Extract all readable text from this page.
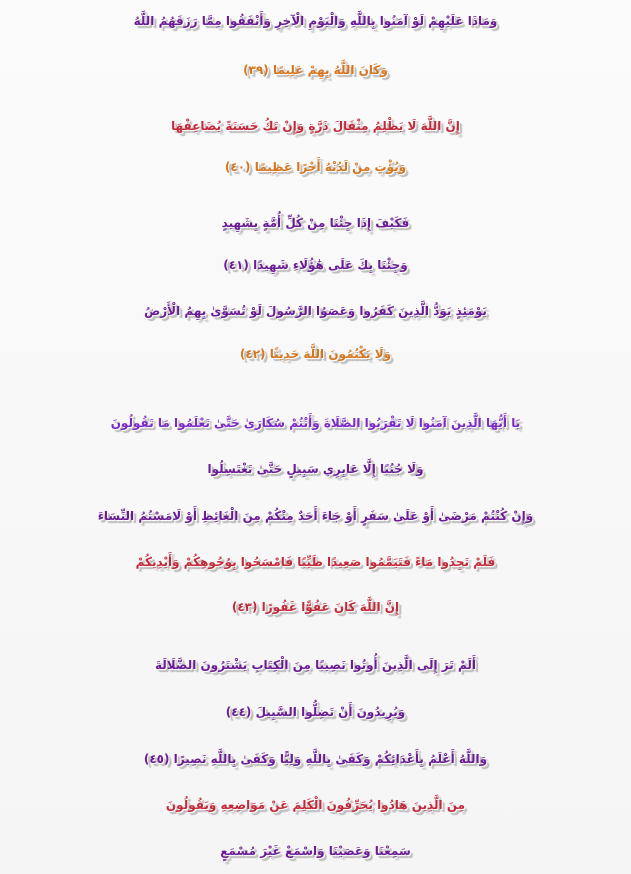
وَمَاذَا عَلَيْهِمْ لَوْ آمَنُوا بِاللَّهِ وَالْيَوْمِ الْآخِرِ وَأَنْفَقُوا مِمَّا رَزَقَهُمُ اللَّهُ
وَكَانَ اللَّهُ بِهِمْ عَلِيمًا (٣٩)
إِنَّ اللَّهَ لَا يَظْلِمُ مِثْقَالَ ذَرَّةٍ وَإِنْ تَكُ حَسَنَةً يُضَاعِفْهَا
وَيُؤْتِ مِنْ لَدُنْهُ أَجْرًا عَظِيمًا (٤٠)
فَكَيْفَ إِذَا جِئْنَا مِنْ كُلِّ أُمَّةٍ بِشَهِيدٍ
وَجِئْنَا بِكَ عَلَى هَٰؤُلَاءِ شَهِيدًا (٤١)
يَوْمَئِذٍ يَوَدُّ الَّذِينَ كَفَرُوا وَعَصَوُا الرَّسُولَ لَوْ تُسَوَّىٰ بِهِمُ الْأَرْضُ
وَلَا يَكْتُمُونَ اللَّهَ حَدِيثًا (٤٢)
يَا أَيُّهَا الَّذِينَ آمَنُوا لَا تَقْرَبُوا الصَّلَاةَ وَأَنْتُمْ سُكَارَىٰ حَتَّىٰ تَعْلَمُوا مَا تَقُولُونَ
وَلَا جُنُبًا إِلَّا عَابِرِي سَبِيلٍ حَتَّىٰ تَغْتَسِلُوا
وَإِنْ كُنْتُمْ مَرْضَىٰ أَوْ عَلَىٰ سَفَرٍ أَوْ جَاءَ أَحَدٌ مِنْكُمْ مِنَ الْغَائِطِ أَوْ لَامَسْتُمُ النِّسَاءَ
فَلَمْ تَجِدُوا مَاءً فَتَيَمَّمُوا صَعِيدًا طَيِّبًا فَامْسَحُوا بِوُجُوهِكُمْ وَأَيْدِيكُمْ
إِنَّ اللَّهَ كَانَ عَفُوًّا غَفُورًا (٤٣)
أَلَمْ تَرَ إِلَى الَّذِينَ أُوتُوا نَصِيبًا مِنَ الْكِتَابِ يَشْتَرُونَ الضَّلَالَةَ
وَيُرِيدُونَ أَنْ تَضِلُّوا السَّبِيلَ (٤٤)
وَاللَّهُ أَعْلَمُ بِأَعْدَائِكُمْ وَكَفَىٰ بِاللَّهِ وَلِيًّا وَكَفَىٰ بِاللَّهِ نَصِيرًا (٤٥)
مِنَ الَّذِينَ هَادُوا يُحَرِّفُونَ الْكَلِمَ عَنْ مَوَاضِعِهِ وَيَقُولُونَ
سَمِعْنَا وَعَصَيْنَا وَاسْمَعْ غَيْرَ مُسْمَعٍ
